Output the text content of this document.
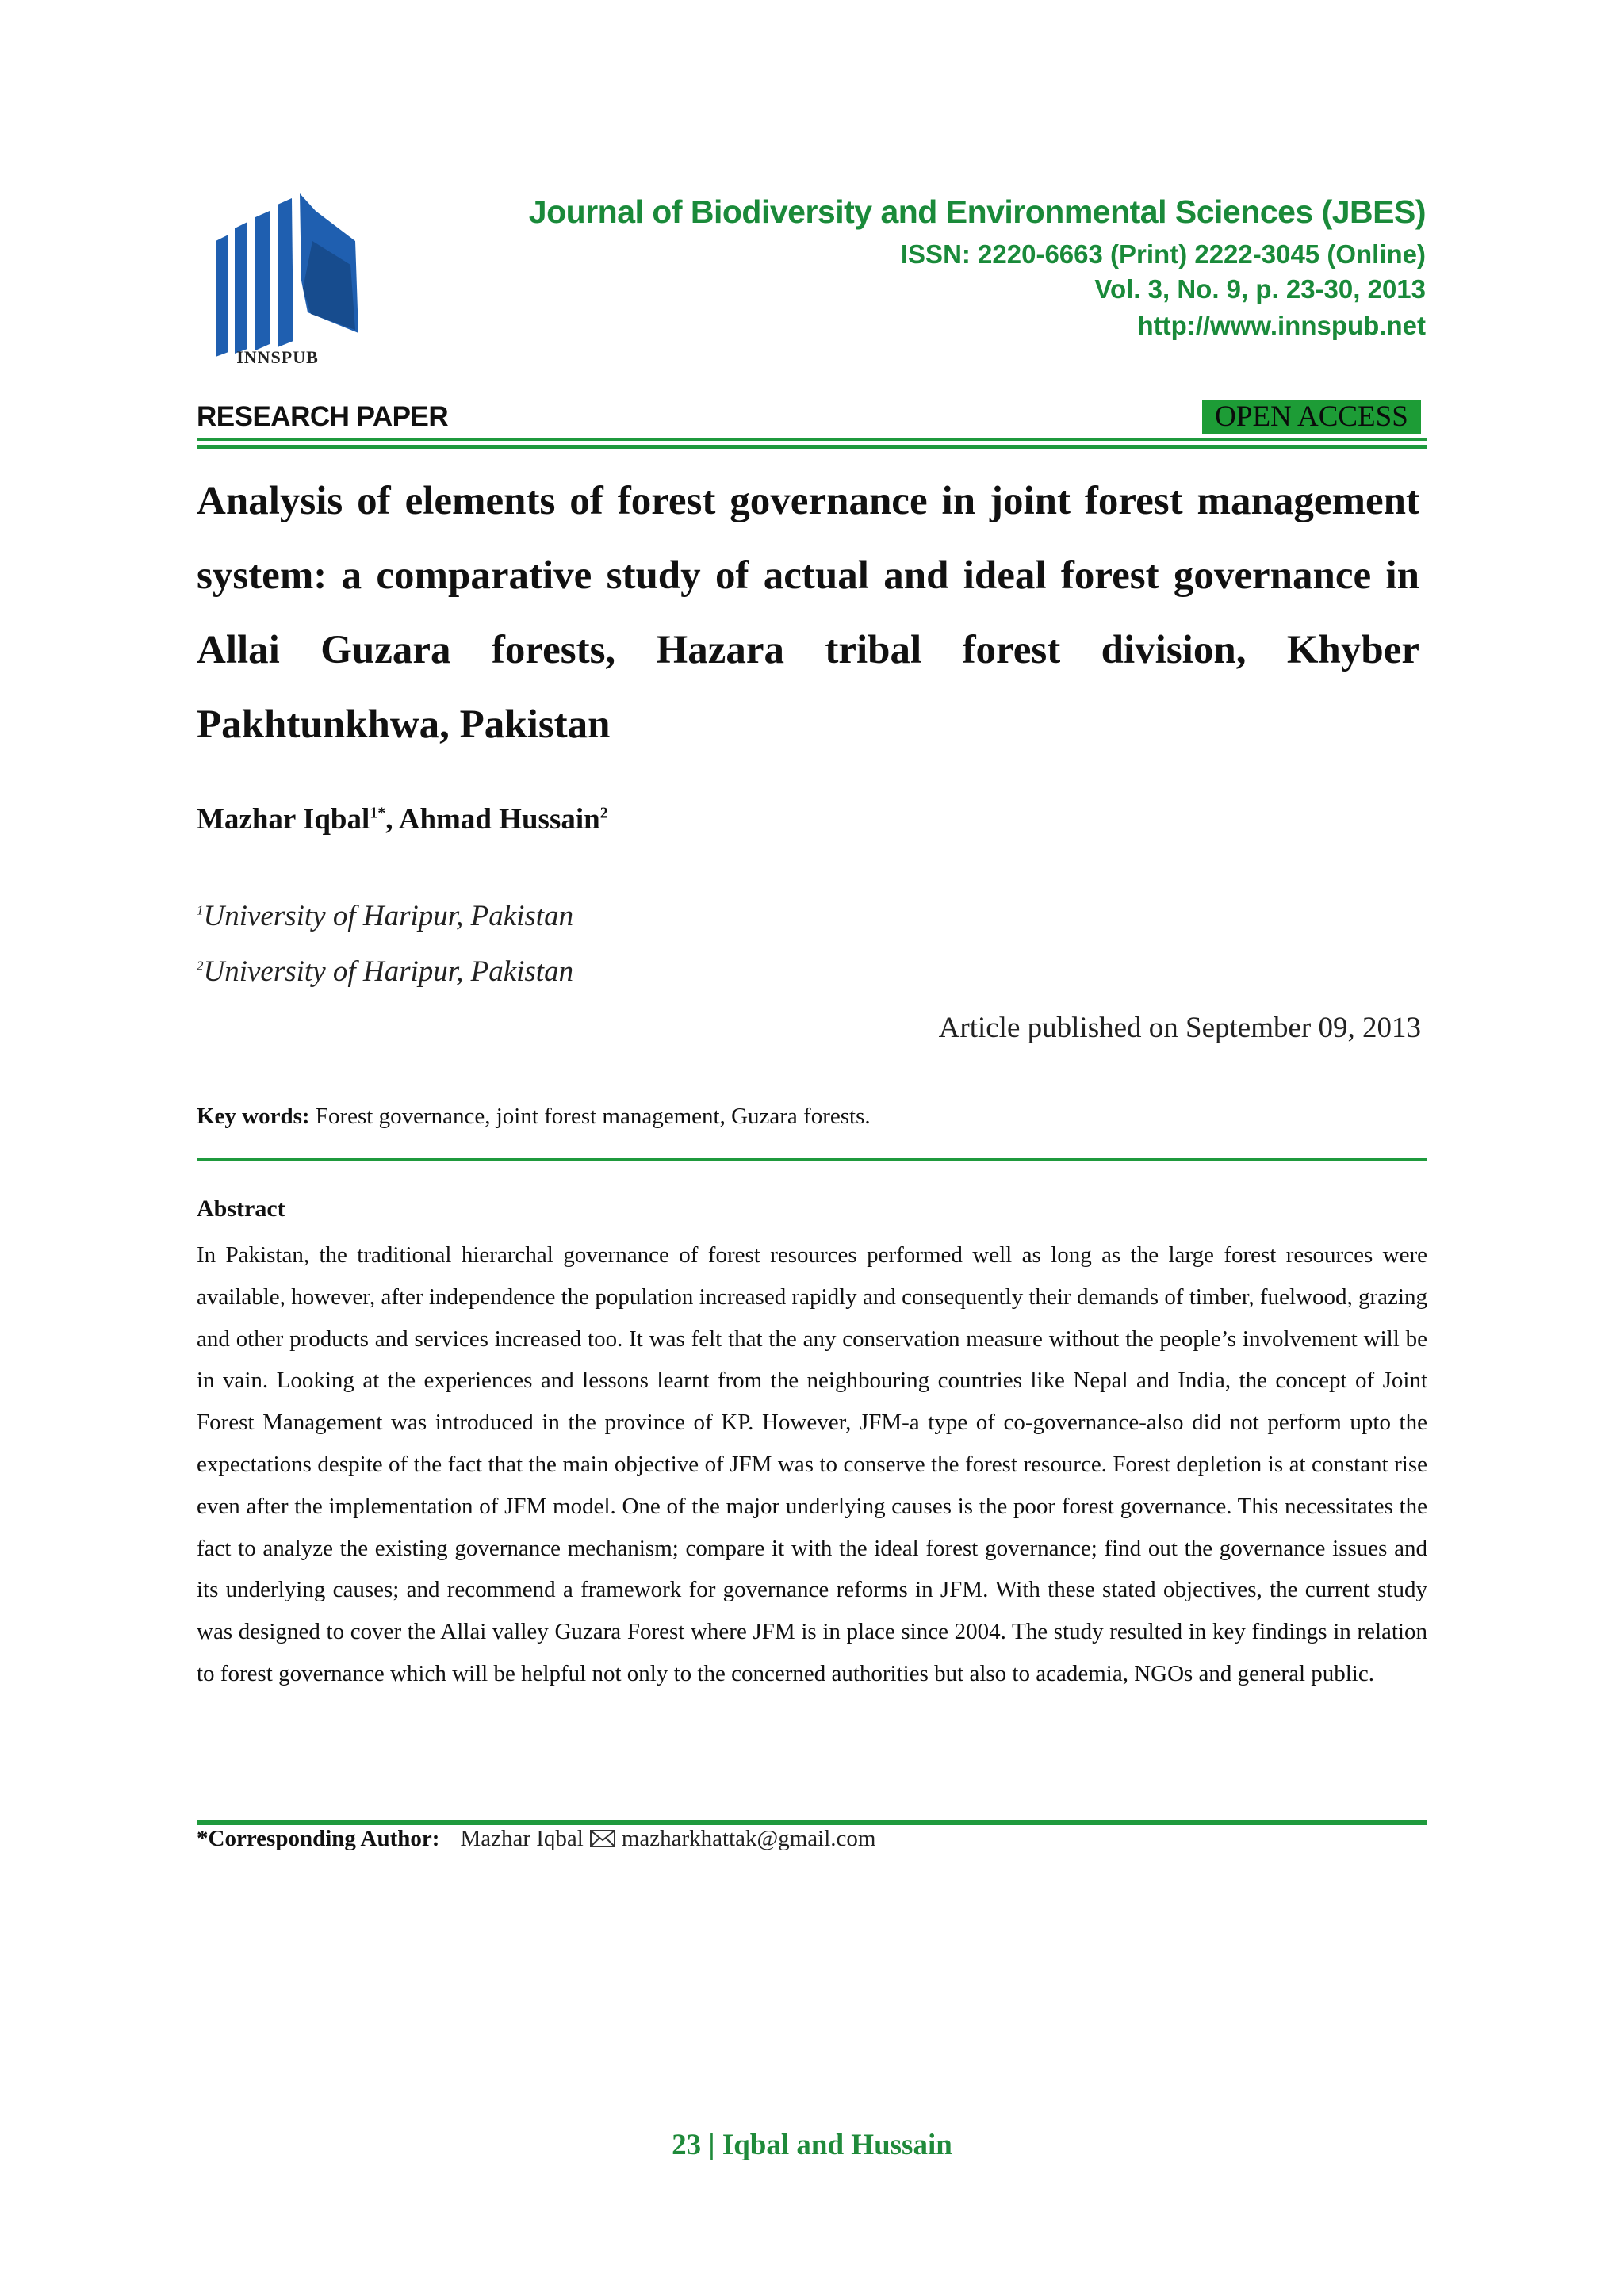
INNSPUB
Journal of Biodiversity and Environmental Sciences (JBES)
ISSN: 2220-6663 (Print) 2222-3045 (Online)
Vol. 3, No. 9, p. 23-30, 2013
http://www.innspub.net
RESEARCH PAPER	OPEN ACCESS
Analysis of elements of forest governance in joint forest management system: a comparative study of actual and ideal forest governance in Allai Guzara forests, Hazara tribal forest division, Khyber Pakhtunkhwa, Pakistan
Mazhar Iqbal$^{1*}$, Ahmad Hussain$^2$
$^1$University of Haripur, Pakistan
$^2$University of Haripur, Pakistan
Article published on September 09, 2013
Key words: Forest governance, joint forest management, Guzara forests.
Abstract
In Pakistan, the traditional hierarchal governance of forest resources performed well as long as the large forest resources were available, however, after independence the population increased rapidly and consequently their demands of timber, fuelwood, grazing and other products and services increased too. It was felt that the any conservation measure without the people’s involvement will be in vain. Looking at the experiences and lessons learnt from the neighbouring countries like Nepal and India, the concept of Joint Forest Management was introduced in the province of KP. However, JFM-a type of co-governance-also did not perform upto the expectations despite of the fact that the main objective of JFM was to conserve the forest resource. Forest depletion is at constant rise even after the implementation of JFM model. One of the major underlying causes is the poor forest governance. This necessitates the fact to analyze the existing governance mechanism; compare it with the ideal forest governance; find out the governance issues and its underlying causes; and recommend a framework for governance reforms in JFM. With these stated objectives, the current study was designed to cover the Allai valley Guzara Forest where JFM is in place since 2004. The study resulted in key findings in relation to forest governance which will be helpful not only to the concerned authorities but also to academia, NGOs and general public.
*Corresponding Author: Mazhar Iqbal mazharkhattak@gmail.com
23 | Iqbal and Hussain
